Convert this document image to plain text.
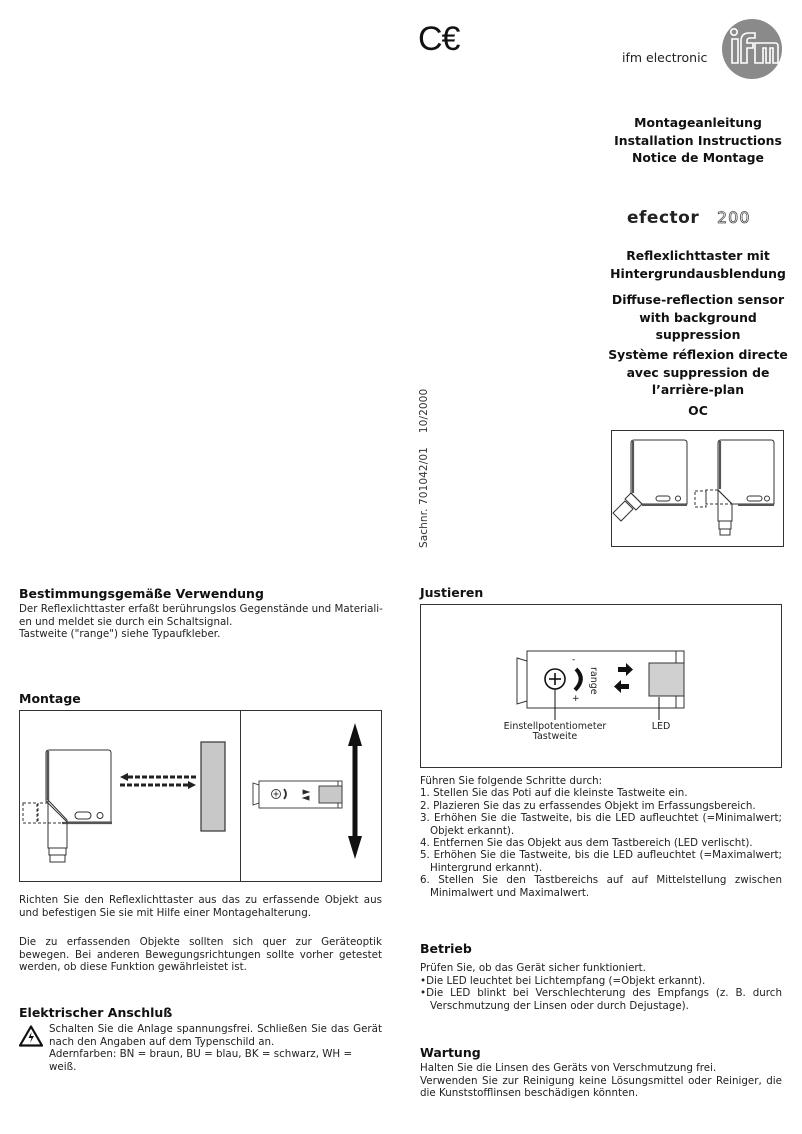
C€	ifm electronic
Montageanleitung
Installation Instructions
Notice de Montage
efector 200
Reflexlichttaster mit
Hintergrundausblendung
Diffuse-reflection sensor
with background
suppression
Système réflexion directe
avec suppression de
l’arrière-plan
OC
Sachnr. 701042/0110/2000
Bestimmungsgemäße Verwendung
Der Reflexlichttaster erfaßt berührungslos Gegenstände und Materiali-
en und meldet sie durch ein Schaltsignal.
Tastweite ("range") siehe Typaufkleber.
Montage

Richten Sie den Reflexlichttaster aus das zu erfassende Objekt aus und befestigen Sie sie mit Hilfe einer Montagehalterung.

Die zu erfassenden Objekte sollten sich quer zur Geräteoptik bewegen. Bei anderen Bewegungsrichtungen sollte vorher getestet werden, ob diese Funktion gewährleistet ist.

Elektrischer Anschluß

Schalten Sie die Anlage spannungsfrei. Schließen Sie das Gerät nach den Angaben auf dem Typenschild an.

Adernfarben: BN = braun, BU = blau, BK = schwarz, WH = weiß.

Justieren
-
+
range
Einstellpotentiometer
Tastweite
LED
Führen Sie folgende Schritte durch:
1. Stellen Sie das Poti auf die kleinste Tastweite ein.
2. Plazieren Sie das zu erfassendes Objekt im Erfassungsbereich.
3. Erhöhen Sie die Tastweite, bis die LED aufleuchtet (=Minimalwert; Objekt erkannt).
4. Entfernen Sie das Objekt aus dem Tastbereich (LED verlischt).
5. Erhöhen Sie die Tastweite, bis die LED aufleuchtet (=Maximalwert; Hintergrund erkannt).
6. Stellen Sie den Tastbereichs auf auf Mittelstellung zwischen Minimalwert und Maximalwert.
Betrieb
Prüfen Sie, ob das Gerät sicher funktioniert.
•Die LED leuchtet bei Lichtempfang (=Objekt erkannt).
•Die LED blinkt bei Verschlechterung des Empfangs (z. B. durch Verschmutzung der Linsen oder durch Dejustage).
Wartung

Halten Sie die Linsen des Geräts von Verschmutzung frei.

Verwenden Sie zur Reinigung keine Lösungsmittel oder Reiniger, die die Kunststofflinsen beschädigen könnten.
